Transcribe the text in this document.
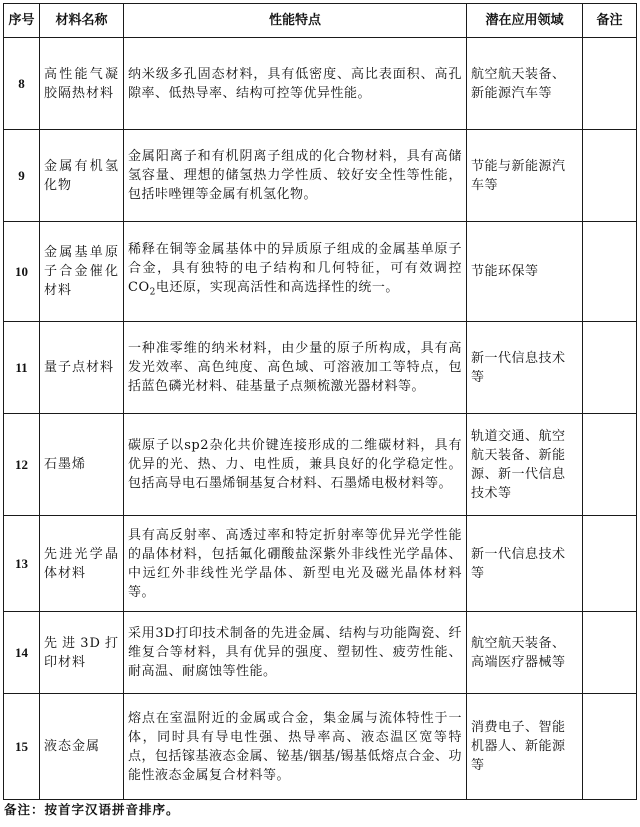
序号	材料名称	性能特点	潜在应用领域	备注
8	高性能气凝胶隔热材料	纳米级多孔固态材料，具有低密度、高比表面积、高孔隙率、低热导率、结构可控等优异性能。	航空航天装备、新能源汽车等	
9	金属有机氢化物	金属阳离子和有机阴离子组成的化合物材料，具有高储氢容量、理想的储氢热力学性质、较好安全性等性能，包括咔唑锂等金属有机氢化物。	节能与新能源汽车等	
10	金属基单原子合金催化材料	稀释在铜等金属基体中的异质原子组成的金属基单原子合金，具有独特的电子结构和几何特征，可有效调控$CO_2$电还原，实现高活性和高选择性的统一。	节能环保等	
11	量子点材料	一种准零维的纳米材料，由少量的原子所构成，具有高发光效率、高色纯度、高色域、可溶液加工等特点，包括蓝色磷光材料、硅基量子点频梳激光器材料等。	新一代信息技术等	
12	石墨烯	碳原子以sp2杂化共价键连接形成的二维碳材料，具有优异的光、热、力、电性质，兼具良好的化学稳定性。包括高导电石墨烯铜基复合材料、石墨烯电极材料等。	轨道交通、航空航天装备、新能源、新一代信息技术等	
13	先进光学晶体材料	具有高反射率、高透过率和特定折射率等优异光学性能的晶体材料，包括氟化硼酸盐深紫外非线性光学晶体、中远红外非线性光学晶体、新型电光及磁光晶体材料等。	新一代信息技术等	
14	先进3D打印材料	采用3D打印技术制备的先进金属、结构与功能陶瓷、纤维复合等材料，具有优异的强度、塑韧性、疲劳性能、耐高温、耐腐蚀等性能。	航空航天装备、高端医疗器械等	
15	液态金属	熔点在室温附近的金属或合金，集金属与流体特性于一体，同时具有导电性强、热导率高、液态温区宽等特点，包括镓基液态金属、铋基/铟基/锡基低熔点合金、功能性液态金属复合材料等。	消费电子、智能机器人、新能源等	
备注：按首字汉语拼音排序。
